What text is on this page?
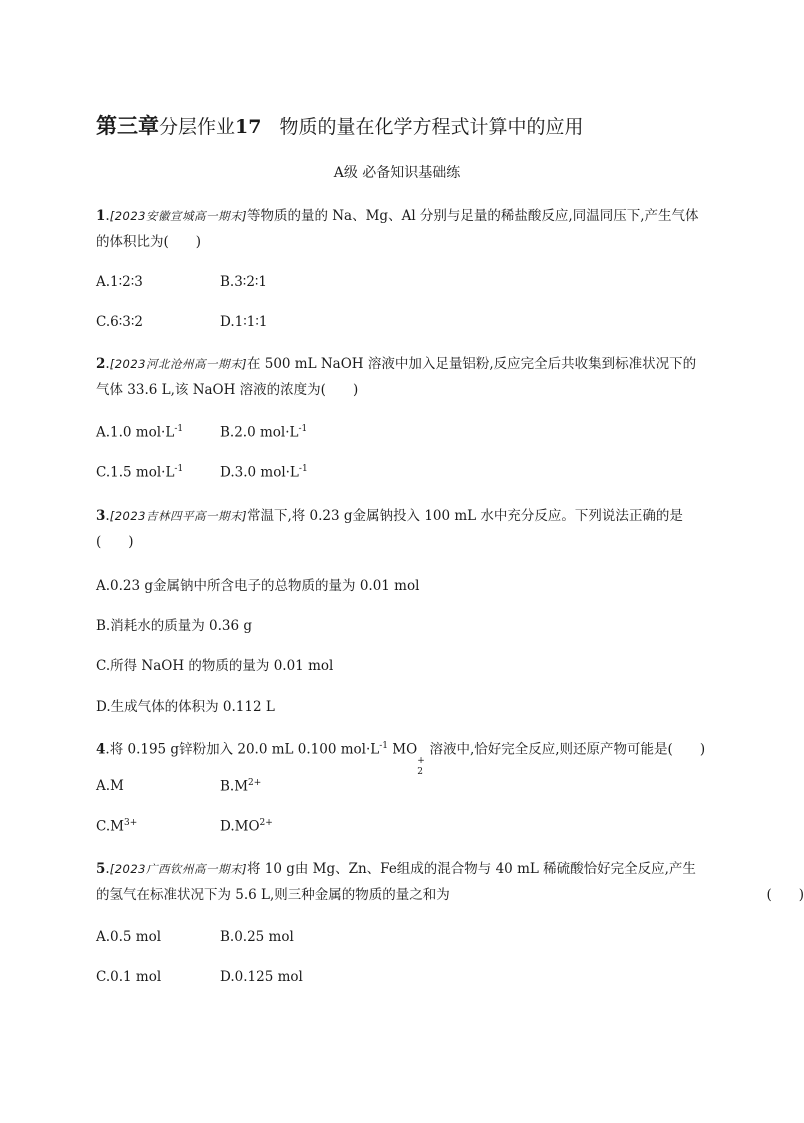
第三章分层作业17 物质的量在化学方程式计算中的应用
A级 必备知识基础练
1.[2023安徽宣城高一期末]等物质的量的 Na、Mg、Al 分别与足量的稀盐酸反应,同温同压下,产生气体的体积比为(　　)
A.1∶2∶3	B.3∶2∶1
C.6∶3∶2	D.1∶1∶1
2.[2023河北沧州高一期末]在 500 mL NaOH 溶液中加入足量铝粉,反应完全后共收集到标准状况下的气体 33.6 L,该 NaOH 溶液的浓度为(　　)
A.1.0 $mol\cdot L^{-1}$	B.2.0 $mol\cdot L^{-1}$
C.1.5 $mol\cdot L^{-1}$	D.3.0 $mol\cdot L^{-1}$
3.[2023吉林四平高一期末]常温下,将 0.23 g金属钠投入 100 mL 水中充分反应。下列说法正确的是(　　)
A.0.23 g金属钠中所含电子的总物质的量为 0.01 mol
B.消耗水的质量为 0.36 g
C.所得 NaOH 的物质的量为 0.01 mol
D.生成气体的体积为 0.112 L
4.将 0.195 g锌粉加入 20.0 mL 0.100 $mol\cdot L^{-1}$ MO
+
2
溶液中,恰好完全反应,则还原产物可能是(　　)
A.M	$B.M^{2+}$
$C.M^{3+}$	$D.MO^{2+}$
5.[2023广西钦州高一期末]将 10 g由 Mg、Zn、Fe组成的混合物与 40 mL 稀硫酸恰好完全反应,产生的氢气在标准状况下为 5.6 L,则三种金属的物质的量之和为	(　　)
A.0.5 mol	B.0.25 mol
C.0.1 mol	D.0.125 mol
